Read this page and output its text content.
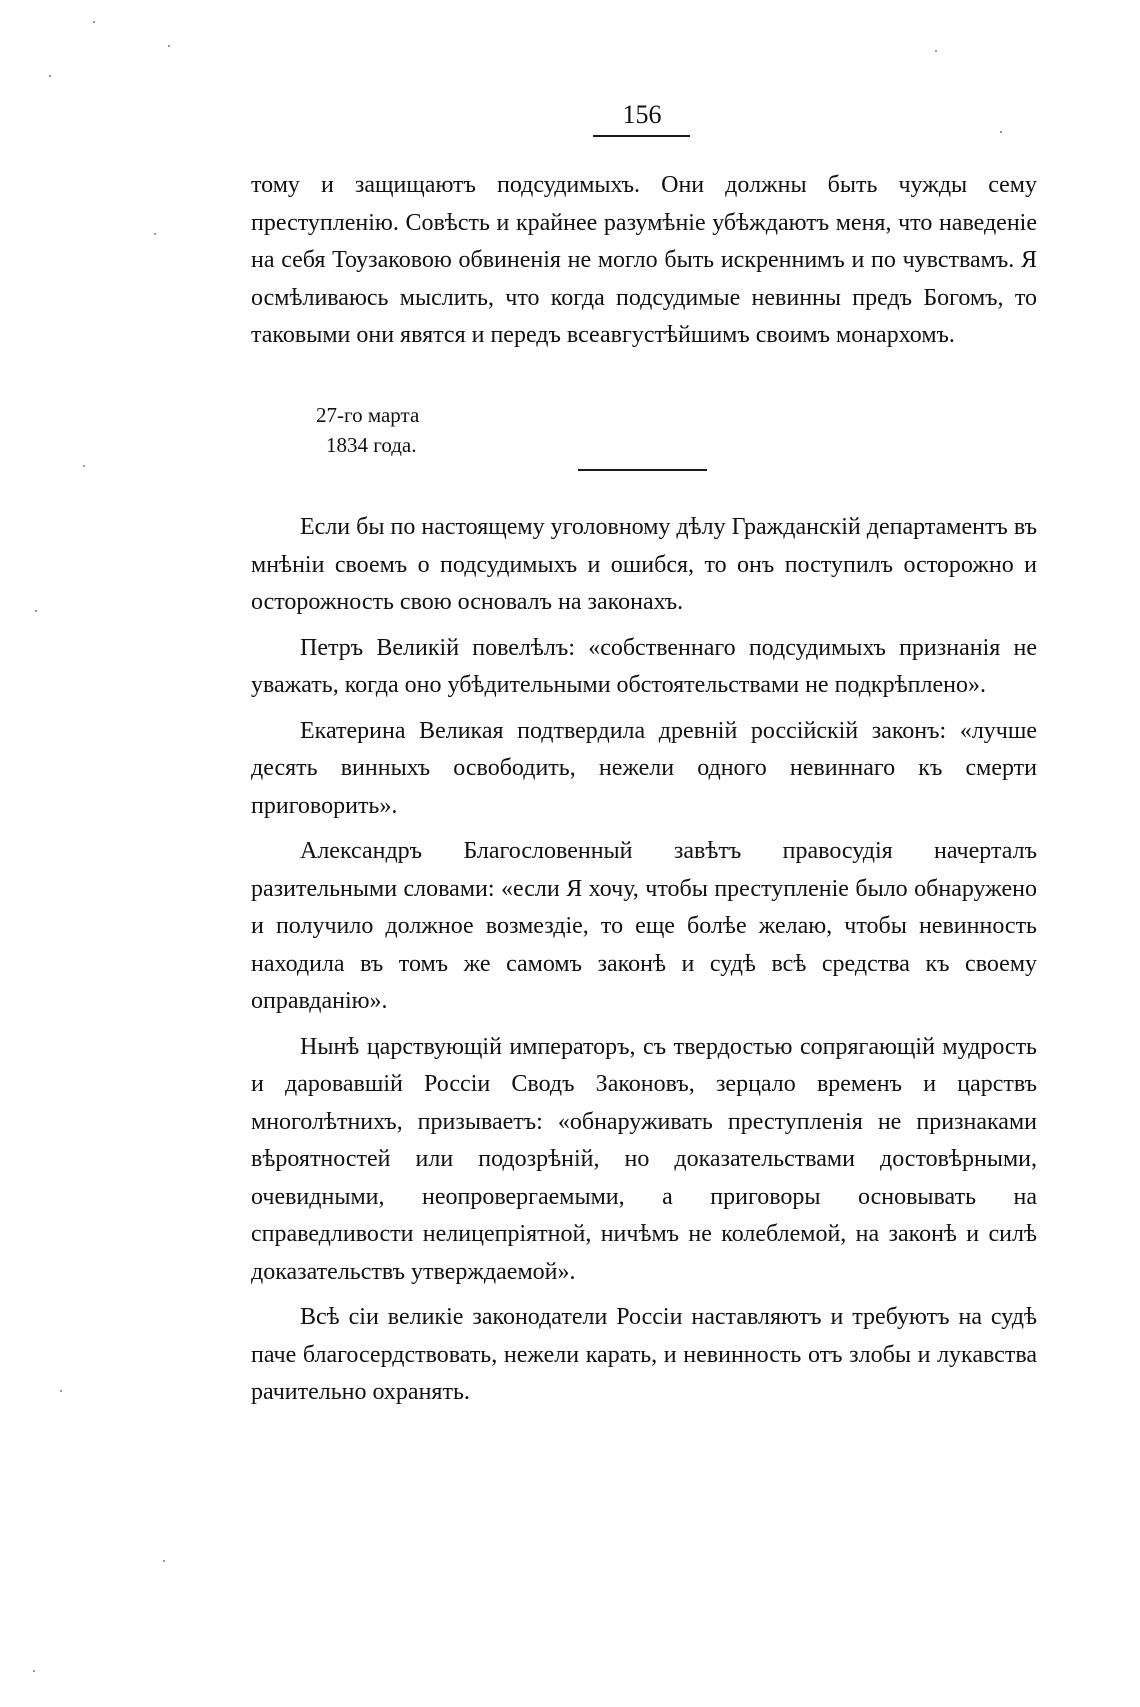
156

тому и защищаютъ подсудимыхъ. Они должны быть чужды сему преступленію. Совѣсть и крайнее разумѣніе убѣждаютъ меня, что наведеніе на себя Тоузаковою обвиненія не могло быть искреннимъ и по чувствамъ. Я осмѣливаюсь мыслить, что когда подсудимые невинны предъ Богомъ, то таковыми они явятся и передъ всеавгустѣйшимъ своимъ монархомъ.

27-го марта
1834 года.

Если бы по настоящему уголовному дѣлу Гражданскій департаментъ въ мнѣніи своемъ о подсудимыхъ и ошибся, то онъ поступилъ осторожно и осторожность свою основалъ на законахъ.

Петръ Великій повелѣлъ: «собственнаго подсудимыхъ признанія не уважать, когда оно убѣдительными обстоятельствами не подкрѣплено».

Екатерина Великая подтвердила древній россійскій законъ: «лучше десять винныхъ освободить, нежели одного невиннаго къ смерти приговорить».

Александръ Благословенный завѣтъ правосудія начерталъ разительными словами: «если Я хочу, чтобы преступленіе было обнаружено и получило должное возмездіе, то еще болѣе желаю, чтобы невинность находила въ томъ же самомъ законѣ и судѣ всѣ средства къ своему оправданію».

Нынѣ царствующій императоръ, съ твердостью сопрягающій мудрость и даровавшій Россіи Сводъ Законовъ, зерцало временъ и царствъ многолѣтнихъ, призываетъ: «обнаруживать преступленія не признаками вѣроятностей или подозрѣній, но доказательствами достовѣрными, очевидными, неопровергаемыми, а приговоры основывать на справедливости нелицепріятной, ничѣмъ не колеблемой, на законѣ и силѣ доказательствъ утверждаемой».

Всѣ сіи великіе законодатели Россіи наставляютъ и требуютъ на судѣ паче благосердствовать, нежели карать, и невинность отъ злобы и лукавства рачительно охранять.
